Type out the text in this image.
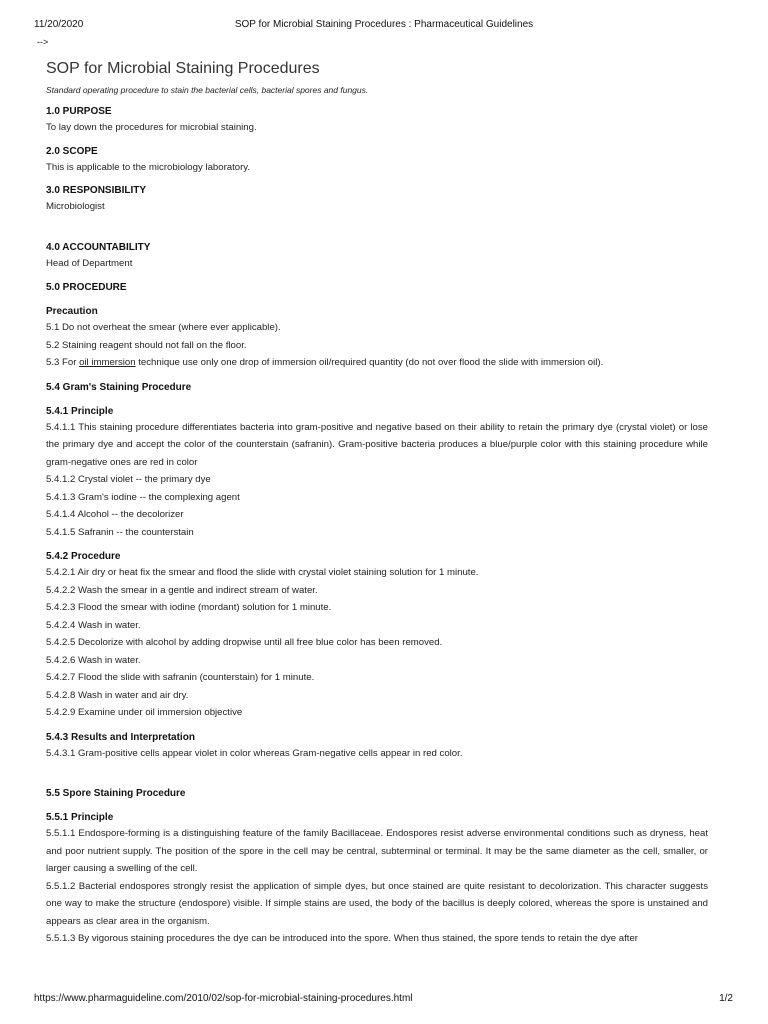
11/20/2020	SOP for Microbial Staining Procedures : Pharmaceutical Guidelines
-->
SOP for Microbial Staining Procedures
Standard operating procedure to stain the bacterial cells, bacterial spores and fungus.
1.0 PURPOSE
To lay down the procedures for microbial staining.
2.0 SCOPE
This is applicable to the microbiology laboratory.
3.0 RESPONSIBILITY
Microbiologist
4.0 ACCOUNTABILITY
Head of Department
5.0 PROCEDURE
Precaution
5.1 Do not overheat the smear (where ever applicable).
5.2 Staining reagent should not fall on the floor.
5.3 For oil immersion technique use only one drop of immersion oil/required quantity (do not over flood the slide with immersion oil).
5.4 Gram's Staining Procedure
5.4.1 Principle
5.4.1.1 This staining procedure differentiates bacteria into gram-positive and negative based on their ability to retain the primary dye (crystal violet) or lose the primary dye and accept the color of the counterstain (safranin). Gram-positive bacteria produces a blue/purple color with this staining procedure while gram-negative ones are red in color
5.4.1.2 Crystal violet -- the primary dye
5.4.1.3 Gram's iodine -- the complexing agent
5.4.1.4 Alcohol -- the decolorizer
5.4.1.5 Safranin -- the counterstain
5.4.2 Procedure
5.4.2.1 Air dry or heat fix the smear and flood the slide with crystal violet staining solution for 1 minute.
5.4.2.2 Wash the smear in a gentle and indirect stream of water.
5.4.2.3 Flood the smear with iodine (mordant) solution for 1 minute.
5.4.2.4 Wash in water.
5.4.2.5 Decolorize with alcohol by adding dropwise until all free blue color has been removed.
5.4.2.6 Wash in water.
5.4.2.7 Flood the slide with safranin (counterstain) for 1 minute.
5.4.2.8 Wash in water and air dry.
5.4.2.9 Examine under oil immersion objective
5.4.3 Results and Interpretation
5.4.3.1 Gram-positive cells appear violet in color whereas Gram-negative cells appear in red color.
5.5 Spore Staining Procedure
5.5.1 Principle
5.5.1.1 Endospore-forming is a distinguishing feature of the family Bacillaceae. Endospores resist adverse environmental conditions such as dryness, heat and poor nutrient supply. The position of the spore in the cell may be central, subterminal or terminal. It may be the same diameter as the cell, smaller, or larger causing a swelling of the cell.
5.5.1.2 Bacterial endospores strongly resist the application of simple dyes, but once stained are quite resistant to decolorization. This character suggests one way to make the structure (endospore) visible. If simple stains are used, the body of the bacillus is deeply colored, whereas the spore is unstained and appears as clear area in the organism.
5.5.1.3 By vigorous staining procedures the dye can be introduced into the spore. When thus stained, the spore tends to retain the dye after
https://www.pharmaguideline.com/2010/02/sop-for-microbial-staining-procedures.html	1/2
